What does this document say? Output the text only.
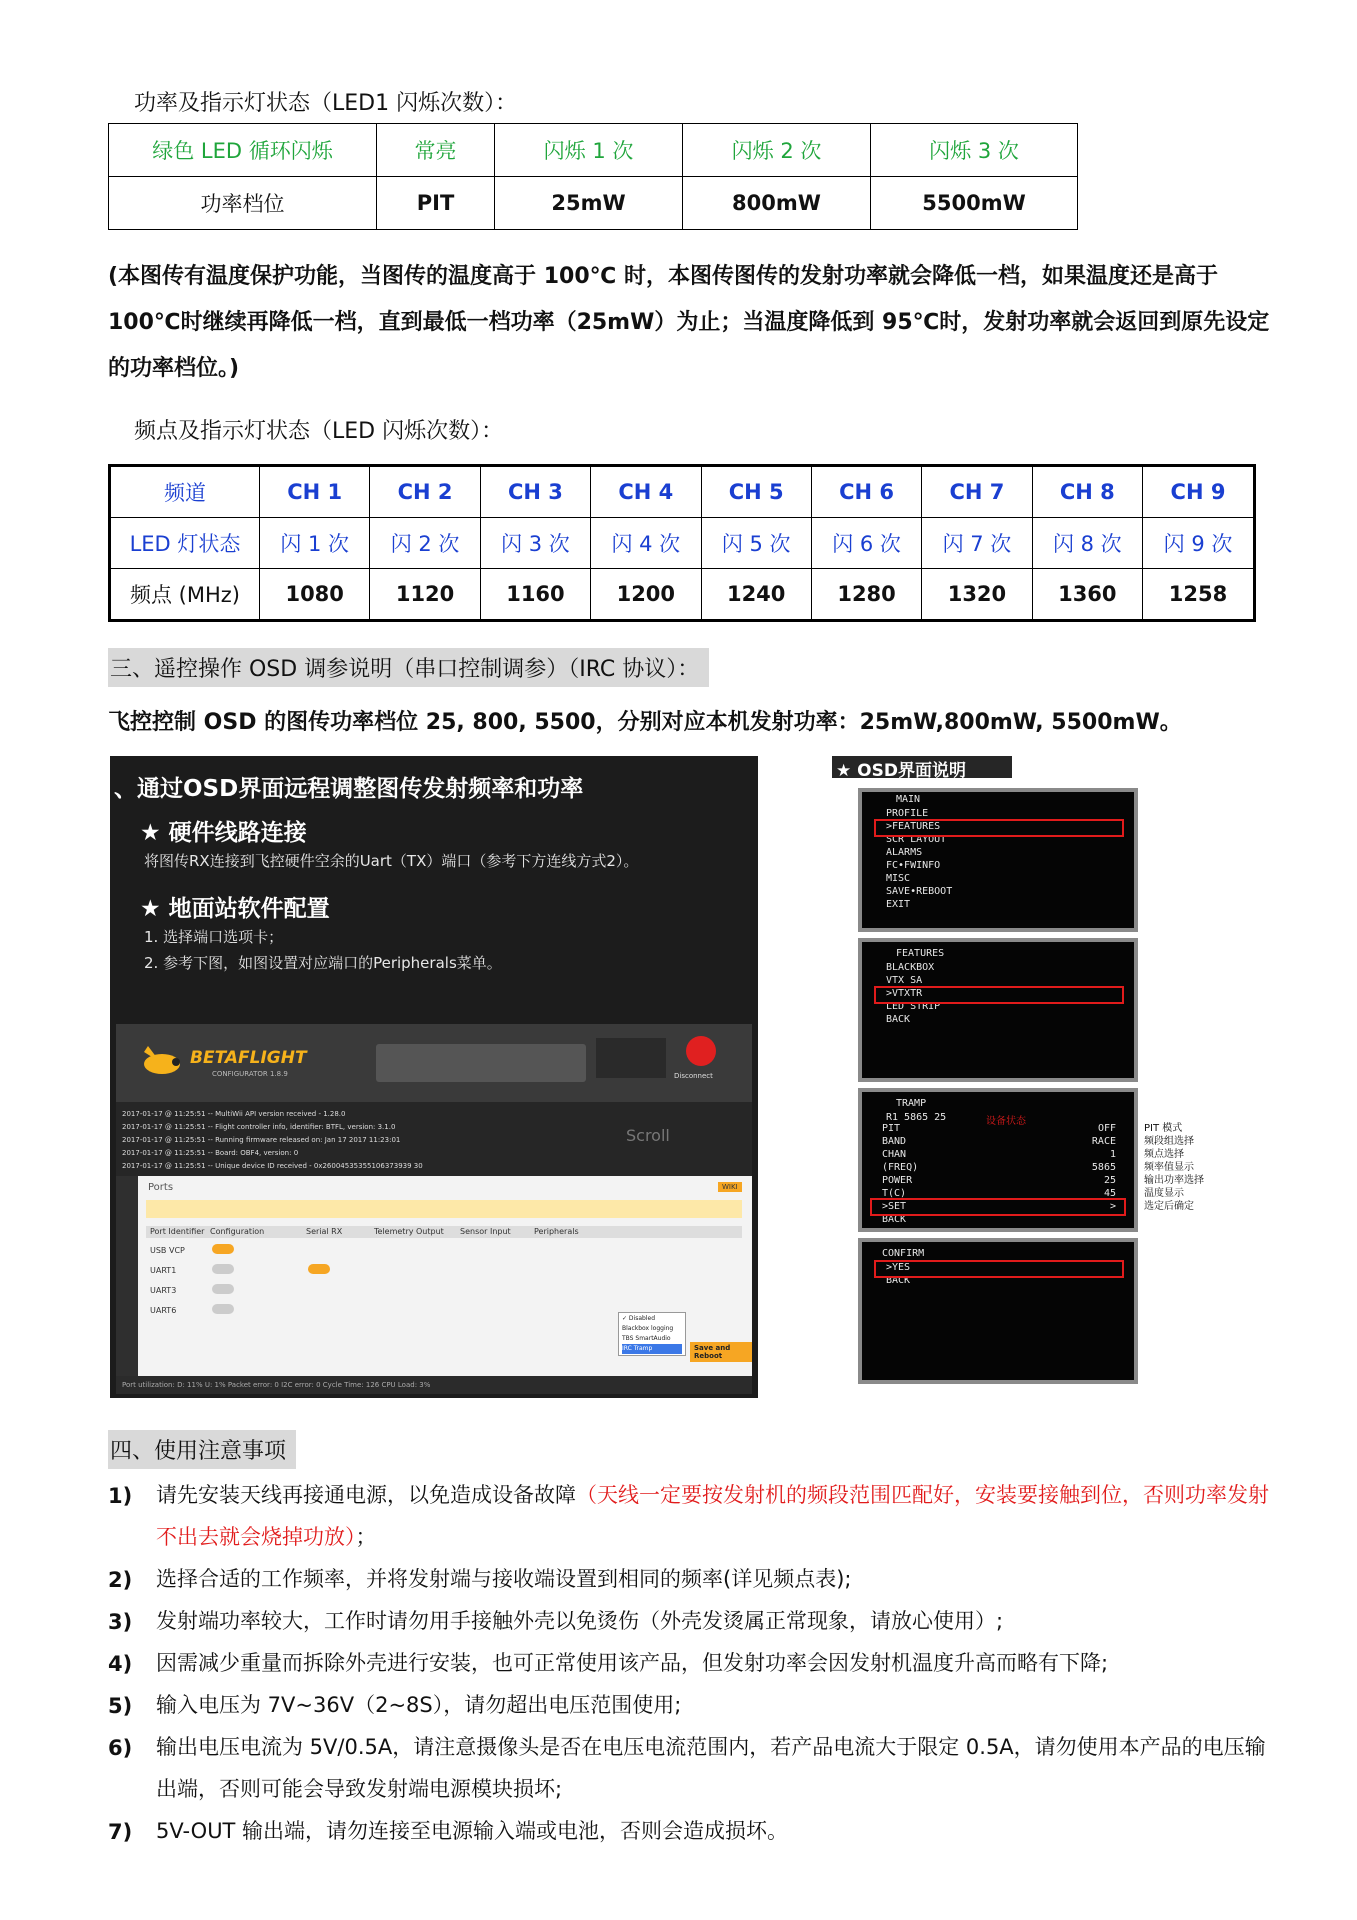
功率及指示灯状态（LED1 闪烁次数）：
绿色 LED 循环闪烁	常亮	闪烁 1 次	闪烁 2 次	闪烁 3 次
功率档位	PIT	25mW	800mW	5500mW
(本图传有温度保护功能，当图传的温度高于 100℃ 时，本图传图传的发射功率就会降低一档，如果温度还是高于 100℃时继续再降低一档，直到最低一档功率（25mW）为止；当温度降低到 95℃时，发射功率就会返回到原先设定的功率档位。)
频点及指示灯状态（LED 闪烁次数）：
频道	CH 1	CH 2	CH 3	CH 4	CH 5	CH 6	CH 7	CH 8	CH 9
LED 灯状态	闪 1 次	闪 2 次	闪 3 次	闪 4 次	闪 5 次	闪 6 次	闪 7 次	闪 8 次	闪 9 次
频点 (MHz)	1080	1120	1160	1200	1240	1280	1320	1360	1258
三、遥控操作 OSD 调参说明（串口控制调参）（IRC 协议）：
飞控控制 OSD 的图传功率档位 25, 800, 5500，分别对应本机发射功率：25mW,800mW, 5500mW。
、通过OSD界面远程调整图传发射频率和功率
★ 硬件线路连接
将图传RX连接到飞控硬件空余的Uart（TX）端口（参考下方连线方式2）。
★ 地面站软件配置
1. 选择端口选项卡；
2. 参考下图，如图设置对应端口的Peripherals菜单。
BETAFLIGHT
CONFIGURATOR 1.8.9	Disconnect
2017-01-17 @ 11:25:51 -- MultiWii API version received - 1.28.0
2017-01-17 @ 11:25:51 -- Flight controller info, identifier: BTFL, version: 3.1.0
2017-01-17 @ 11:25:51 -- Running firmware released on: Jan 17 2017 11:23:01
2017-01-17 @ 11:25:51 -- Board: OBF4, version: 0
2017-01-17 @ 11:25:51 -- Unique device ID received - 0x26004535355106373939 30
Scroll
Ports	WIKI
Port Identifier Configuration	Serial RX	Telemetry Output Sensor Input	Peripherals
USB VCP
UART1
UART3
UART6
✓ Disabled
Blackbox logging
TBS SmartAudio
IRC Tramp	Save and Reboot
Port utilization: D: 11% U: 1% Packet error: 0 I2C error: 0 Cycle Time: 126 CPU Load: 3%
★ OSD界面说明
MAIN
PROFILE
>FEATURES
SCR LAYOUT
ALARMS
FC•FWINFO
MISC
SAVE•REBOOT
EXIT
FEATURES
BLACKBOX
VTX SA
>VTXTR
LED STRIP
BACK
TRAMP
R1 5865 25	设备状态
PIT	OFF
BAND	RACE
CHAN	1
(FREQ)	5865
POWER	25
T(C)	45
>SET	>
BACK
PIT 模式
频段组选择
频点选择
频率值显示
输出功率选择
温度显示
选定后确定
CONFIRM
>YES
BACK
四、使用注意事项
1) 请先安装天线再接通电源，以免造成设备故障（天线一定要按发射机的频段范围匹配好，安装要接触到位，否则功率发射不出去就会烧掉功放）；
2) 选择合适的工作频率，并将发射端与接收端设置到相同的频率(详见频点表);
3) 发射端功率较大，工作时请勿用手接触外壳以免烫伤（外壳发烫属正常现象，请放心使用）;
4) 因需减少重量而拆除外壳进行安装，也可正常使用该产品，但发射功率会因发射机温度升高而略有下降;
5) 输入电压为 7V~36V（2~8S），请勿超出电压范围使用;
6) 输出电压电流为 5V/0.5A，请注意摄像头是否在电压电流范围内，若产品电流大于限定 0.5A，请勿使用本产品的电压输出端，否则可能会导致发射端电源模块损坏;
7) 5V-OUT 输出端，请勿连接至电源输入端或电池，否则会造成损坏。
